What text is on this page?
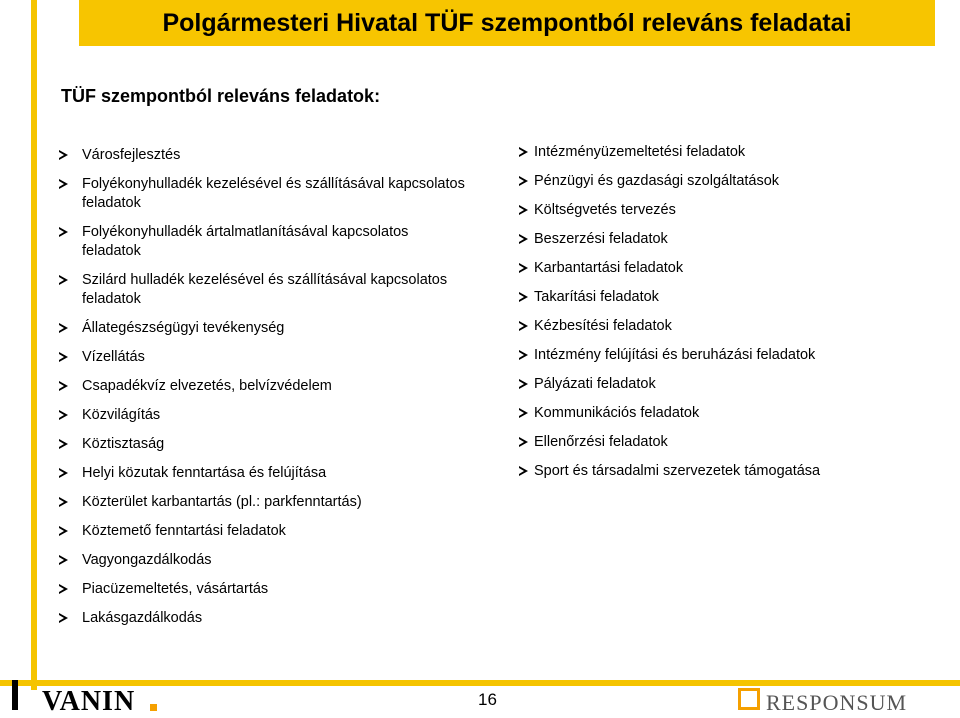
Polgármesteri Hivatal TÜF szempontból releváns feladatai
TÜF szempontból releváns feladatok:
Városfejlesztés
Folyékonyhulladék kezelésével és szállításával kapcsolatos feladatok
Folyékonyhulladék ártalmatlanításával kapcsolatos feladatok
Szilárd hulladék kezelésével és szállításával kapcsolatos feladatok
Állategészségügyi tevékenység
Vízellátás
Csapadékvíz elvezetés, belvízvédelem
Közvilágítás
Köztisztaság
Helyi közutak fenntartása és felújítása
Közterület karbantartás (pl.: parkfenntartás)
Köztemető fenntartási feladatok
Vagyongazdálkodás
Piacüzemeltetés, vásártartás
Lakásgazdálkodás
Intézményüzemeltetési feladatok
Pénzügyi és gazdasági szolgáltatások
Költségvetés tervezés
Beszerzési feladatok
Karbantartási feladatok
Takarítási feladatok
Kézbesítési feladatok
Intézmény felújítási és beruházási feladatok
Pályázati feladatok
Kommunikációs feladatok
Ellenőrzési feladatok
Sport és társadalmi szervezetek támogatása
VANIN	16	RESPONSUM
